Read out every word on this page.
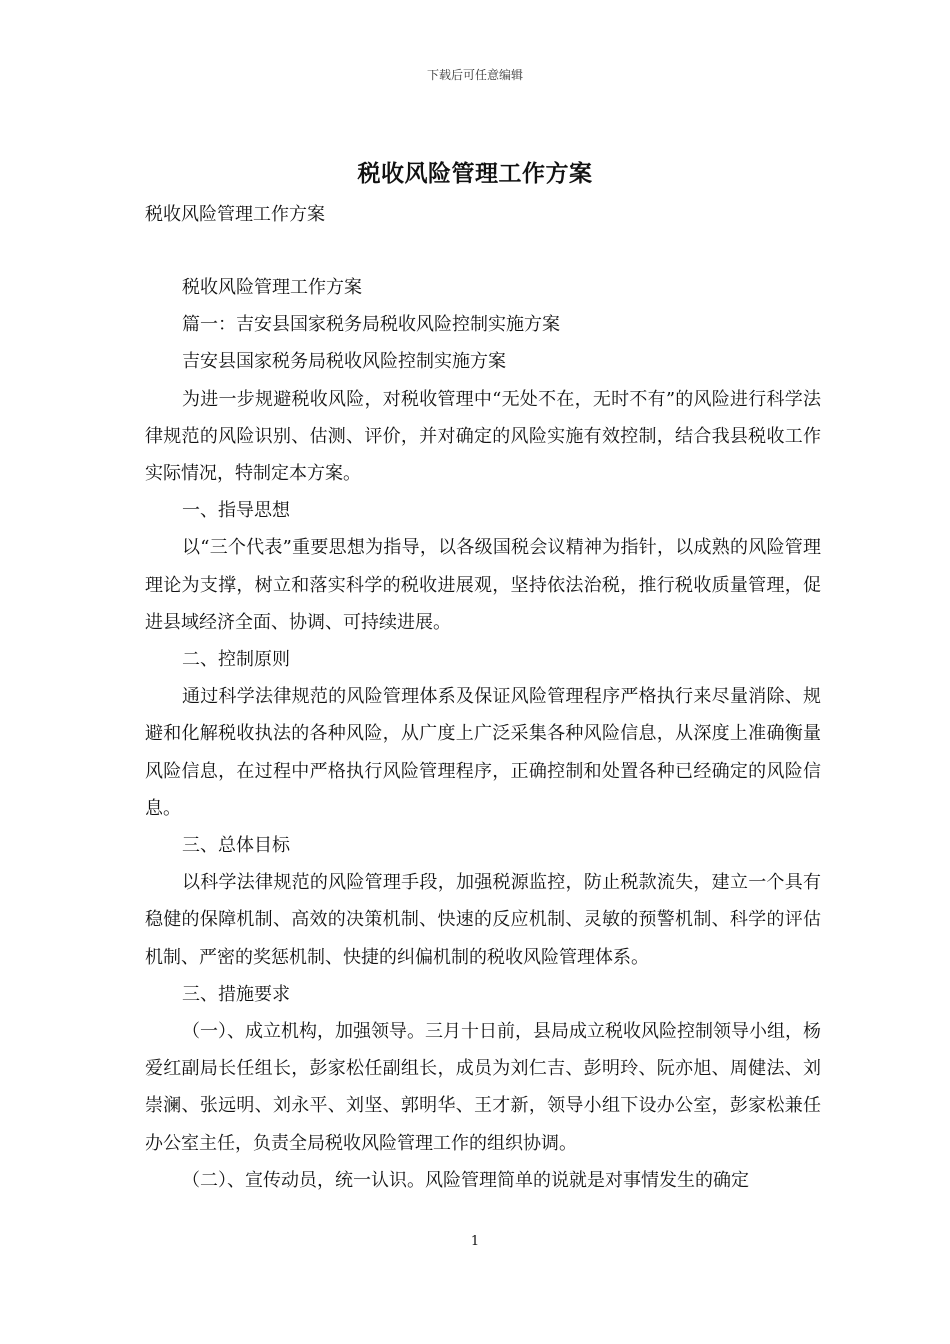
下载后可任意编辑
税收风险管理工作方案
税收风险管理工作方案

税收风险管理工作方案

篇一：吉安县国家税务局税收风险控制实施方案

吉安县国家税务局税收风险控制实施方案

为进一步规避税收风险，对税收管理中“无处不在，无时不有”的风险进行科学法律规范的风险识别、估测、评价，并对确定的风险实施有效控制，结合我县税收工作实际情况，特制定本方案。

一、指导思想

以“三个代表”重要思想为指导，以各级国税会议精神为指针，以成熟的风险管理理论为支撑，树立和落实科学的税收进展观，坚持依法治税，推行税收质量管理，促进县域经济全面、协调、可持续进展。

二、控制原则

通过科学法律规范的风险管理体系及保证风险管理程序严格执行来尽量消除、规避和化解税收执法的各种风险，从广度上广泛采集各种风险信息，从深度上准确衡量风险信息，在过程中严格执行风险管理程序，正确控制和处置各种已经确定的风险信息。

三、总体目标

以科学法律规范的风险管理手段，加强税源监控，防止税款流失，建立一个具有稳健的保障机制、高效的决策机制、快速的反应机制、灵敏的预警机制、科学的评估机制、严密的奖惩机制、快捷的纠偏机制的税收风险管理体系。

三、措施要求

（一）、成立机构，加强领导。三月十日前，县局成立税收风险控制领导小组，杨爱红副局长任组长，彭家松任副组长，成员为刘仁吉、彭明玲、阮亦旭、周健法、刘崇澜、张远明、刘永平、刘坚、郭明华、王才新，领导小组下设办公室，彭家松兼任办公室主任，负责全局税收风险管理工作的组织协调。

（二）、宣传动员，统一认识。风险管理简单的说就是对事情发生的确定

1
